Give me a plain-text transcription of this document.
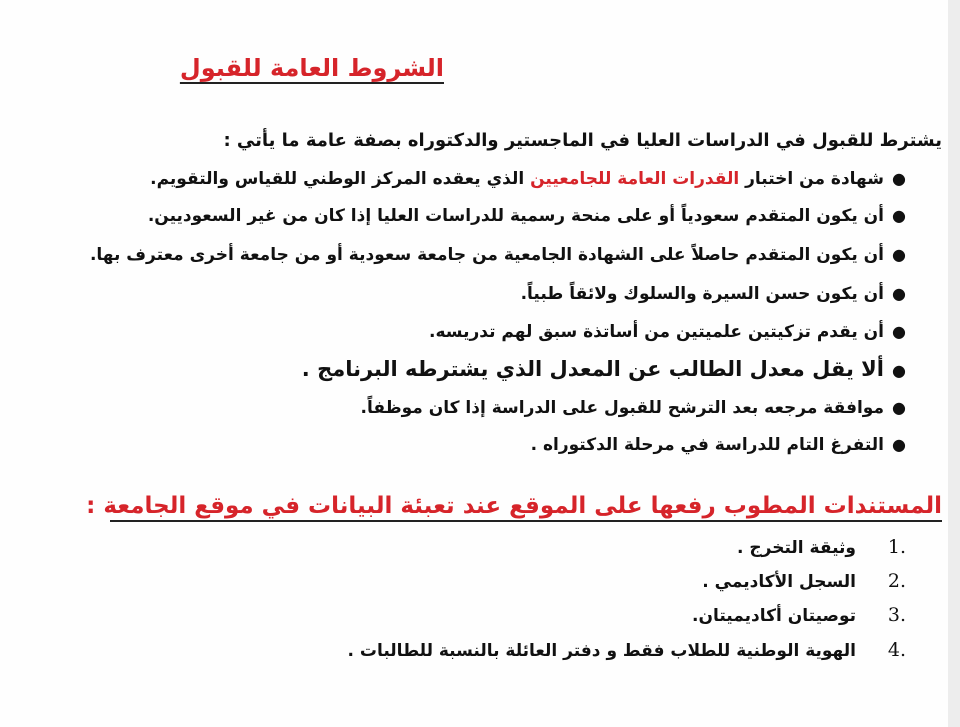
الشروط العامة للقبول
يشترط للقبول في الدراسات العليا في الماجستير والدكتوراه بصفة عامة ما يأتي :
●شهادة من اختبار القدرات العامة للجامعيين الذي يعقده المركز الوطني للقياس والتقويم.
●أن يكون المتقدم سعودياً أو على منحة رسمية للدراسات العليا إذا كان من غير السعوديين.
●أن يكون المتقدم حاصلاً على الشهادة الجامعية من جامعة سعودية أو من جامعة أخرى معترف بها.
●أن يكون حسن السيرة والسلوك ولائقاً طبياً.
●أن يقدم تزكيتين علميتين من أساتذة سبق لهم تدريسه.
●ألا يقل معدل الطالب عن المعدل الذي يشترطه البرنامج .
●موافقة مرجعه بعد الترشح للقبول على الدراسة إذا كان موظفاً.
●التفرغ التام للدراسة في مرحلة الدكتوراه .
المستندات المطوب رفعها على الموقع عند تعبئة البيانات في موقع الجامعة :
1.وثيقة التخرج .
2.السجل الأكاديمي .
3.توصيتان أكاديميتان.
4.الهوية الوطنية للطلاب فقط و دفتر العائلة بالنسبة للطالبات .
